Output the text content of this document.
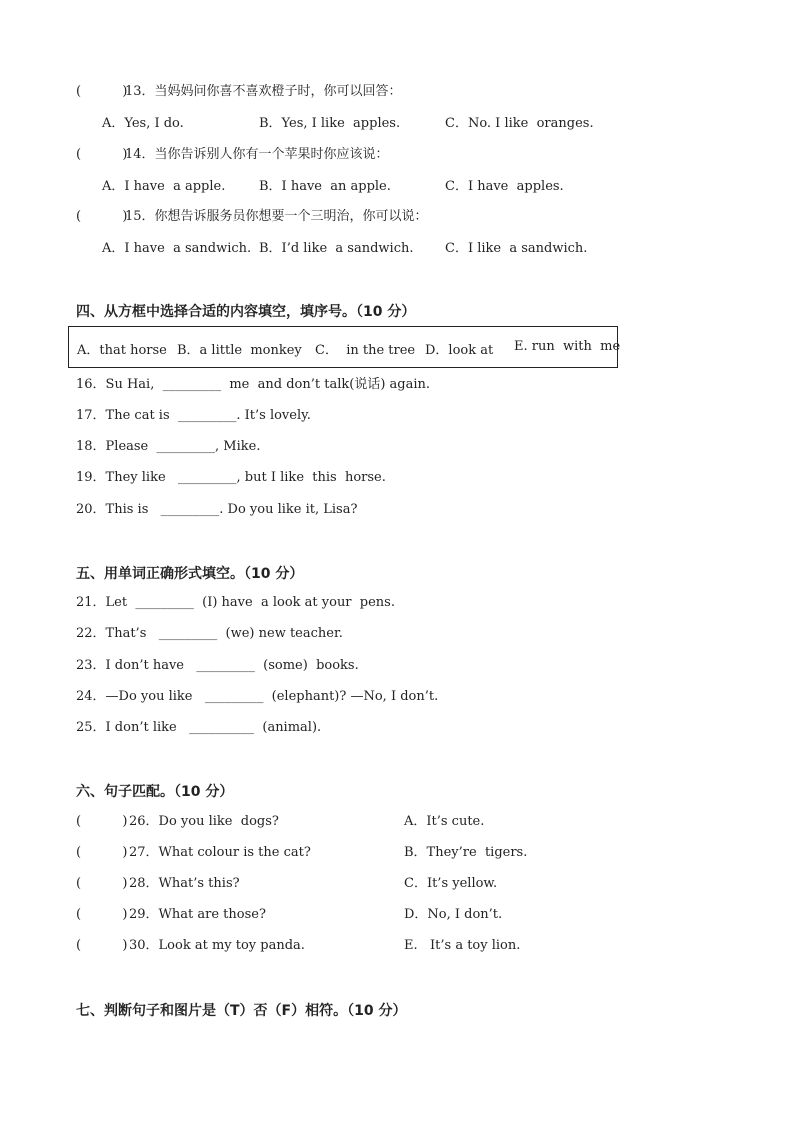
(          )
13．当妈妈问你喜不喜欢橙子时，你可以回答：
A．Yes, I do.	B．Yes, I like  apples.	C．No. I like  oranges.
(          )
14．当你告诉别人你有一个苹果时你应该说：
A．I have  a apple.	B．I have  an apple.	C．I have  apples.
(          )
15．你想告诉服务员你想要一个三明治，你可以说：
A．I have  a sandwich. B．I’d like  a sandwich. C．I like  a sandwich.
四、从方框中选择合适的内容填空，填序号。（10 分）
A．that horse B．a little  monkey C．  in the tree D．look at E. run  with  me
16．Su Hai,  _________  me  and don’t talk(说话) again.
17．The cat is  _________. It’s lovely.
18．Please  _________, Mike.
19．They like   _________, but I like  this  horse.
20．This is   _________. Do you like it, Lisa?
五、用单词正确形式填空。（10 分）
21．Let  _________  (I) have  a look at your  pens.
22．That’s   _________  (we) new teacher.
23．I don’t have   _________  (some)  books.
24．—Do you like   _________  (elephant)? —No, I don’t.
25．I don’t like   __________  (animal).
六、句子匹配。（10 分）
(          ) 26．Do you like  dogs?	A．It’s cute.
(          ) 27．What colour is the cat?	B．They’re  tigers.
(          ) 28．What’s this?	C．It’s yellow.
(          ) 29．What are those?	D．No, I don’t.
(          ) 30．Look at my toy panda.	E.   It’s a toy lion.
七、判断句子和图片是（T）否（F）相符。（10 分）
